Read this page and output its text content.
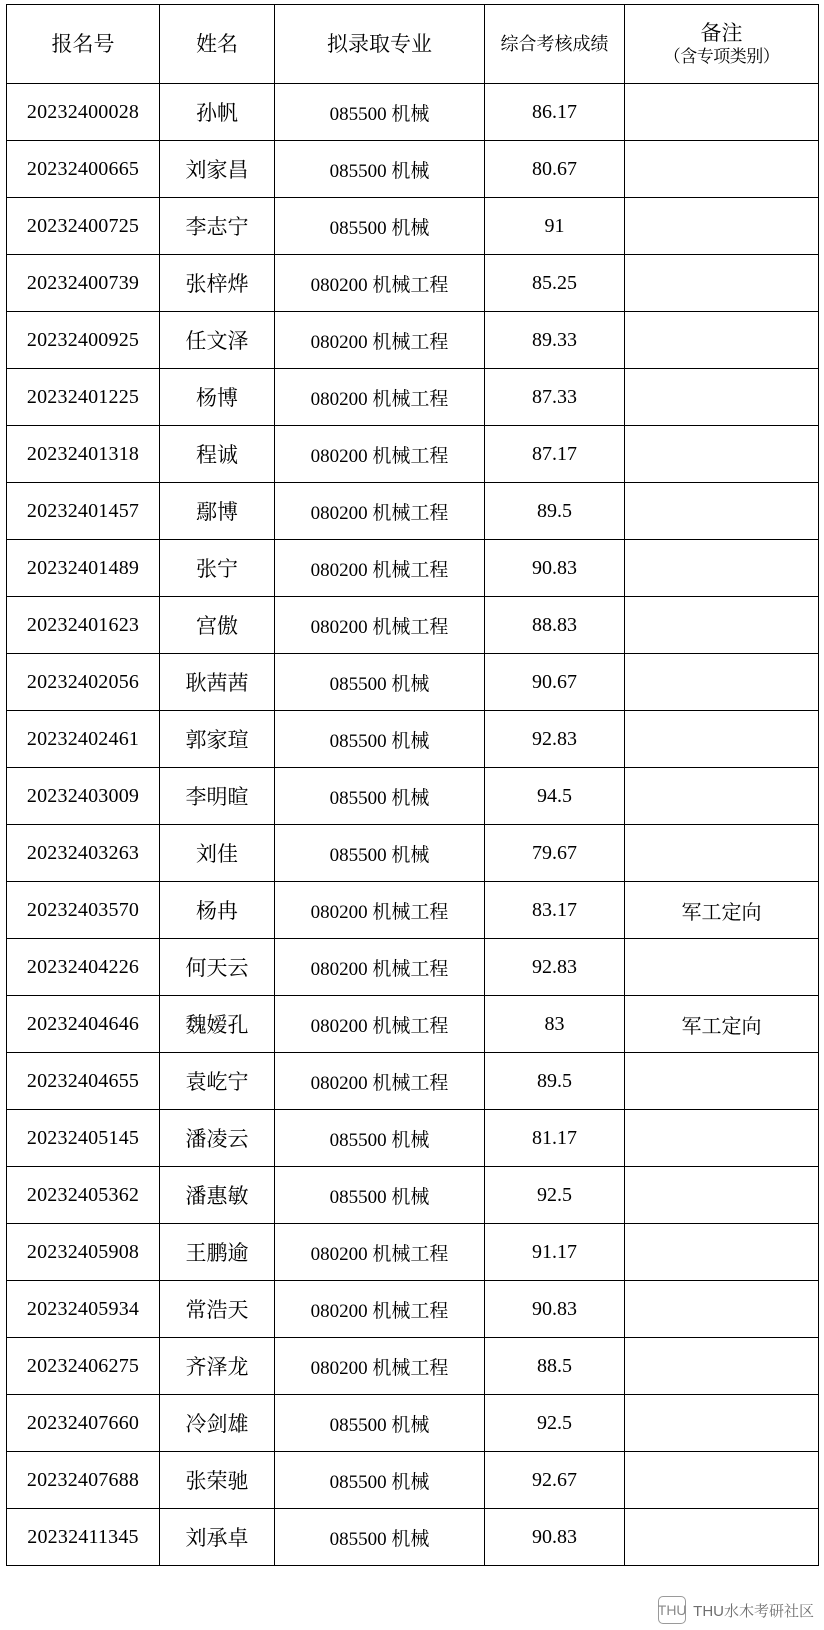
报名号	姓名	拟录取专业	综合考核成绩	备注
（含专项类别）

20232400028	孙帆	085500 机械	86.17	
20232400665	刘家昌	085500 机械	80.67	
20232400725	李志宁	085500 机械	91	
20232400739	张梓烨	080200 机械工程	85.25	
20232400925	任文泽	080200 机械工程	89.33	
20232401225	杨博	080200 机械工程	87.33	
20232401318	程诚	080200 机械工程	87.17	
20232401457	鄢博	080200 机械工程	89.5	
20232401489	张宁	080200 机械工程	90.83	
20232401623	宫傲	080200 机械工程	88.83	
20232402056	耿茜茜	085500 机械	90.67	
20232402461	郭家瑄	085500 机械	92.83	
20232403009	李明暄	085500 机械	94.5	
20232403263	刘佳	085500 机械	79.67	
20232403570	杨冉	080200 机械工程	83.17	军工定向
20232404226	何天云	080200 机械工程	92.83	
20232404646	魏嫒孔	080200 机械工程	83	军工定向
20232404655	袁屹宁	080200 机械工程	89.5	
20232405145	潘凌云	085500 机械	81.17	
20232405362	潘惠敏	085500 机械	92.5	
20232405908	王鹏逾	080200 机械工程	91.17	
20232405934	常浩天	080200 机械工程	90.83	
20232406275	齐泽龙	080200 机械工程	88.5	
20232407660	冷剑雄	085500 机械	92.5	
20232407688	张荣驰	085500 机械	92.67	
20232411345	刘承卓	085500 机械	90.83	
THU THU水木考研社区
